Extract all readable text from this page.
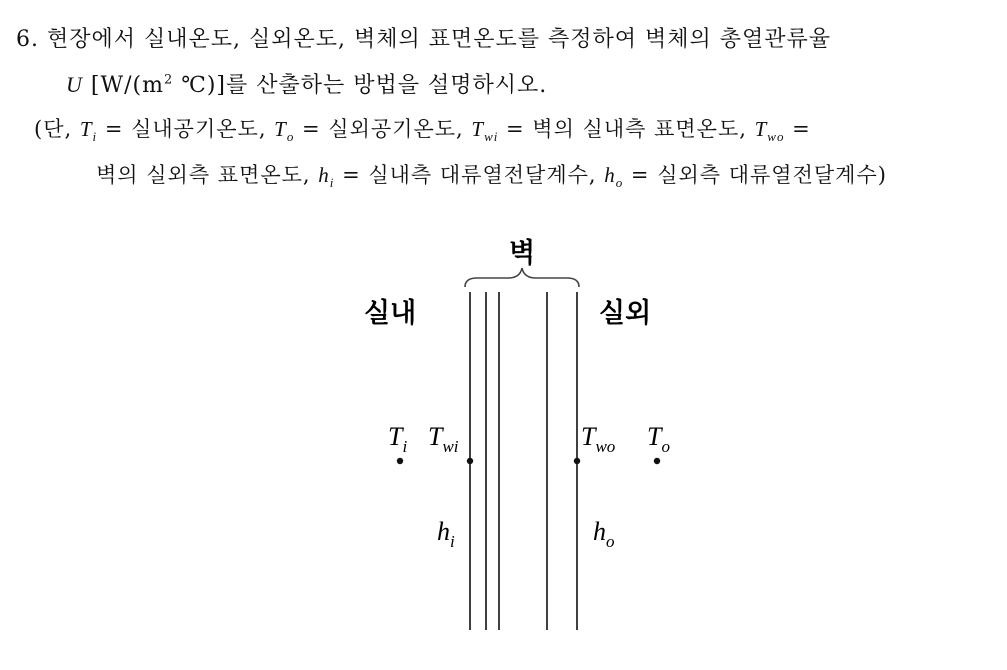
6. 현장에서 실내온도, 실외온도, 벽체의 표면온도를 측정하여 벽체의 총열관류율
U [$W/(m^2$ ℃)]를 산출하는 방법을 설명하시오.
(단, $T_i$ = 실내공기온도, $T_o$ = 실외공기온도, $T_{wi}$ = 벽의 실내측 표면온도, $T_{wo}$ =
벽의 실외측 표면온도, $h_i$ = 실내측 대류열전달계수, $h_o$ = 실외측 대류열전달계수)
벽
실내	실외
$T_i$ $T_{wi}$	$T_{wo}$ $T_o$
$h_i$	$h_o$
